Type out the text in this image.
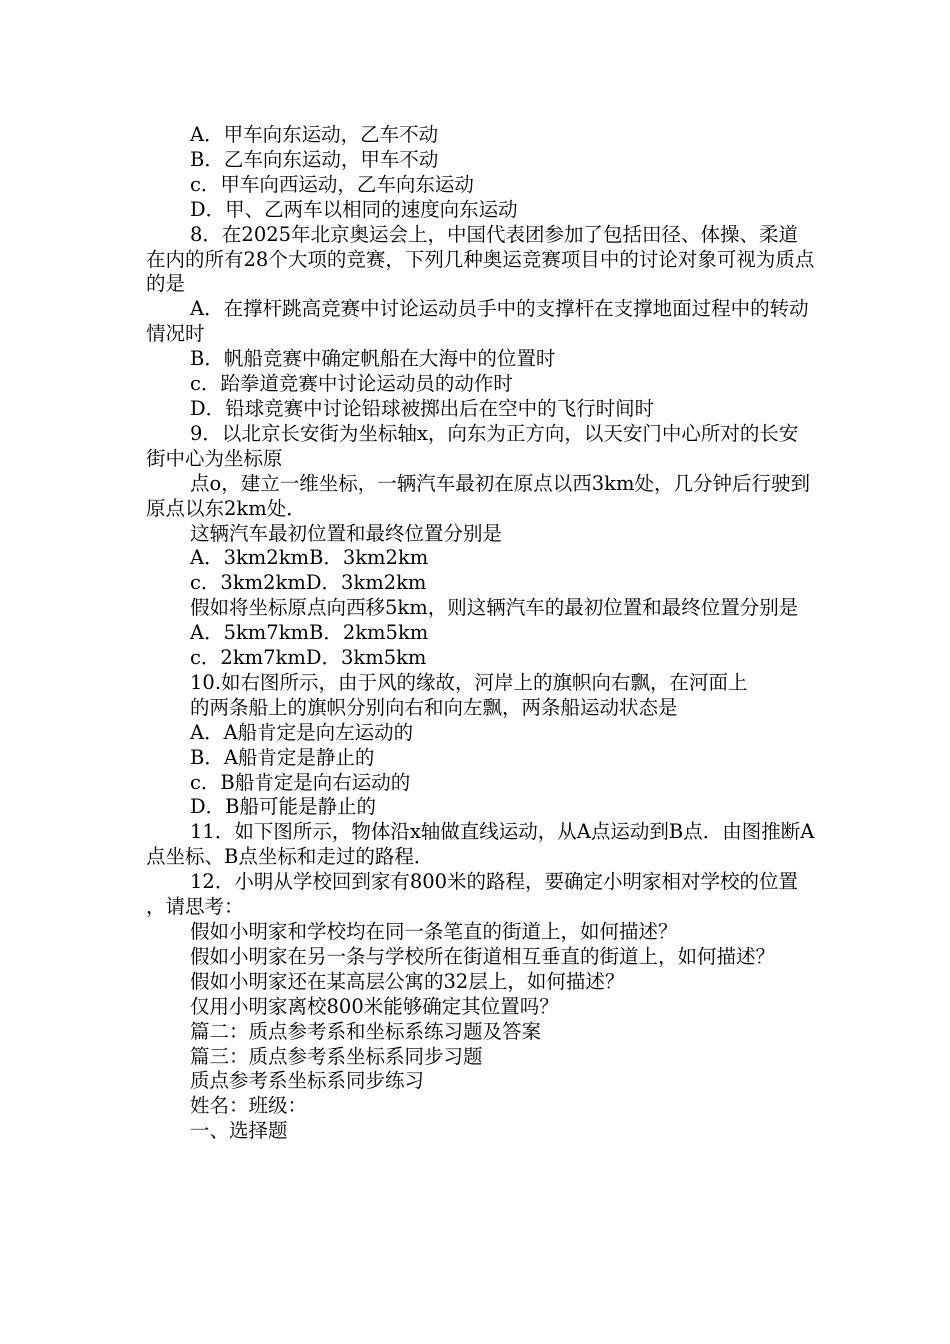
A．甲车向东运动，乙车不动

B．乙车向东运动，甲车不动

c．甲车向西运动，乙车向东运动

D．甲、乙两车以相同的速度向东运动

8．在2025年北京奥运会上，中国代表团参加了包括田径、体操、柔道在内的所有28个大项的竞赛，下列几种奥运竞赛项目中的讨论对象可视为质点的是

A．在撑杆跳高竞赛中讨论运动员手中的支撑杆在支撑地面过程中的转动情况时

B．帆船竞赛中确定帆船在大海中的位置时

c．跆拳道竞赛中讨论运动员的动作时

D．铅球竞赛中讨论铅球被掷出后在空中的飞行时间时

9．以北京长安街为坐标轴x，向东为正方向，以天安门中心所对的长安街中心为坐标原

点o，建立一维坐标，一辆汽车最初在原点以西3km处，几分钟后行驶到原点以东2km处．

这辆汽车最初位置和最终位置分别是

A．3km2kmB．3km2km

c．3km2kmD．3km2km

假如将坐标原点向西移5km，则这辆汽车的最初位置和最终位置分别是

A．5km7kmB．2km5km

c．2km7kmD．3km5km

10.如右图所示，由于风的缘故，河岸上的旗帜向右飘，在河面上

的两条船上的旗帜分别向右和向左飘，两条船运动状态是

A．A船肯定是向左运动的

B．A船肯定是静止的

c．B船肯定是向右运动的

D．B船可能是静止的

11．如下图所示，物体沿x轴做直线运动，从A点运动到B点．由图推断A点坐标、B点坐标和走过的路程．

12．小明从学校回到家有800米的路程，要确定小明家相对学校的位置，请思考：

假如小明家和学校均在同一条笔直的街道上，如何描述？

假如小明家在另一条与学校所在街道相互垂直的街道上，如何描述？

假如小明家还在某高层公寓的32层上，如何描述？

仅用小明家离校800米能够确定其位置吗？

篇二：质点参考系和坐标系练习题及答案

篇三：质点参考系坐标系同步习题

质点参考系坐标系同步练习

姓名：班级：

一、选择题
